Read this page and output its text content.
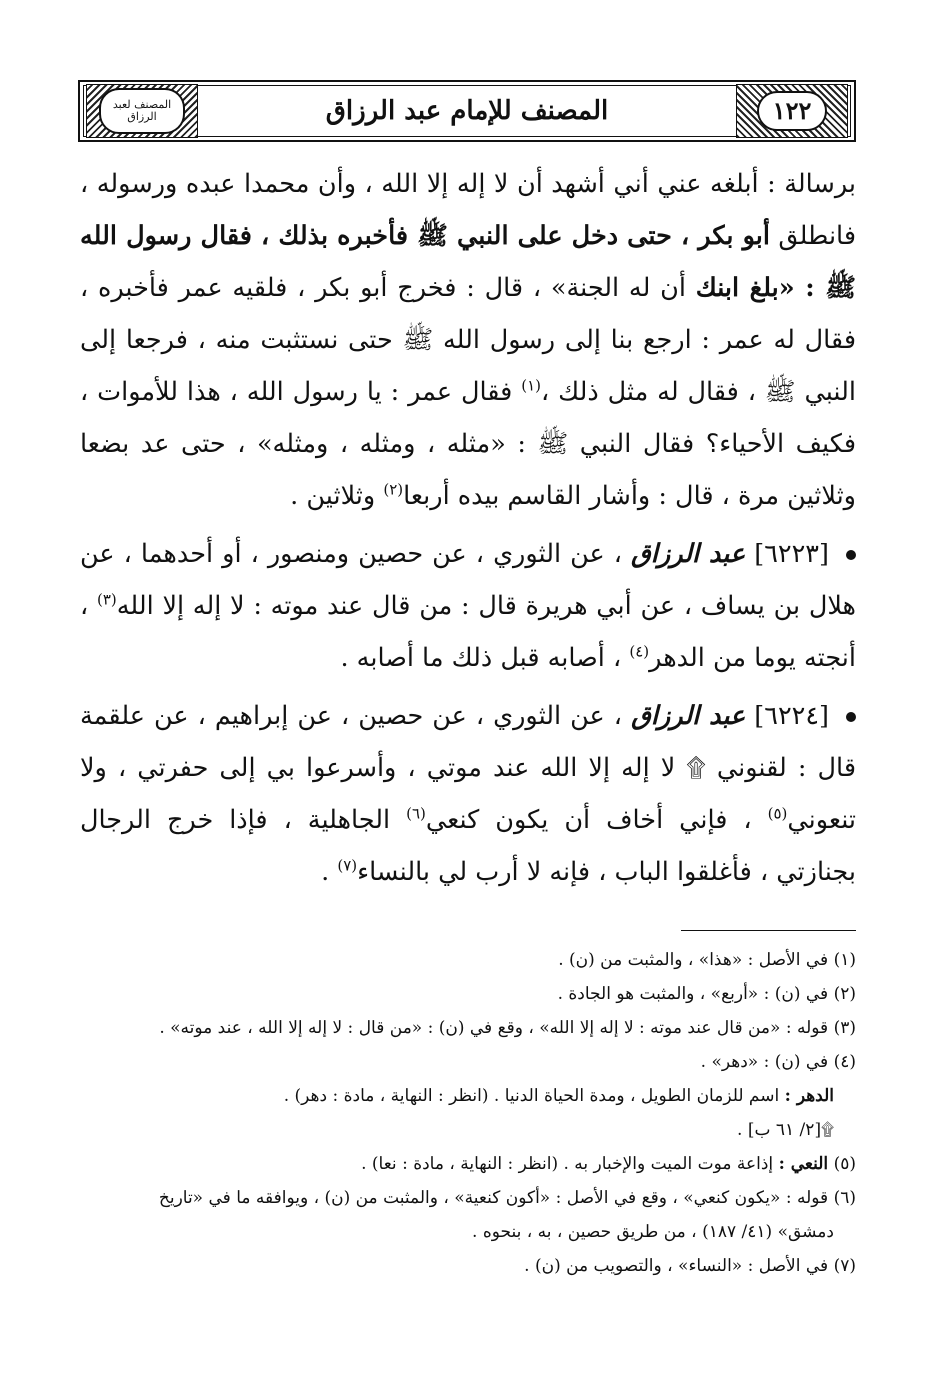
١٢٢
المصنف للإمام عبد الرزاق
المصنف لعبد الرزاق

برسالة : أبلغه عني أني أشهد أن لا إله إلا الله ، وأن محمدا عبده ورسوله ، فانطلق أبو بكر ، حتى دخل على النبي ﷺ فأخبره بذلك ، فقال رسول الله ﷺ : «بلغ ابنك أن له الجنة» ، قال : فخرج أبو بكر ، فلقيه عمر فأخبره ، فقال له عمر : ارجع بنا إلى رسول الله ﷺ حتى نستثبت منه ، فرجعا إلى النبي ﷺ ، فقال له مثل ذلك ،$^{(١)}$ فقال عمر : يا رسول الله ، هذا للأموات ، فكيف الأحياء؟ فقال النبي ﷺ : «مثله ، ومثله ، ومثله» ، حتى عد بضعا وثلاثين مرة ، قال : وأشار القاسم بيده أربعا$^{(٢)}$ وثلاثين .

[٦٢٢٣] عبد الرزاق ، عن الثوري ، عن حصين ومنصور ، أو أحدهما ، عن هلال بن يساف ، عن أبي هريرة قال : من قال عند موته : لا إله إلا الله$^{(٣)}$ ، أنجته يوما من الدهر$^{(٤)}$ ، أصابه قبل ذلك ما أصابه .

[٦٢٢٤] عبد الرزاق ، عن الثوري ، عن حصين ، عن إبراهيم ، عن علقمة قال : لقنوني ۩ لا إله إلا الله عند موتي ، وأسرعوا بي إلى حفرتي ، ولا تنعوني$^{(٥)}$ ، فإني أخاف أن يكون كنعي$^{(٦)}$ الجاهلية ، فإذا خرج الرجال بجنازتي ، فأغلقوا الباب ، فإنه لا أرب لي بالنساء$^{(٧)}$ .

(١) في الأصل : «هذا» ، والمثبت من (ن) .

(٢) في (ن) : «أربع» ، والمثبت هو الجادة .

(٣) قوله : «من قال عند موته : لا إله إلا الله» ، وقع في (ن) : «من قال : لا إله إلا الله ، عند موته» .

(٤) في (ن) : «دهر» .

الدهر : اسم للزمان الطويل ، ومدة الحياة الدنيا . (انظر : النهاية ، مادة : دهر) .

۩[٢/ ٦١ ب] .

(٥) النعي : إذاعة موت الميت والإخبار به . (انظر : النهاية ، مادة : نعا) .

(٦) قوله : «يكون كنعي» ، وقع في الأصل : «أكون كنعية» ، والمثبت من (ن) ، ويوافقه ما في «تاريخ

دمشق» (٤١/ ١٨٧) ، من طريق حصين ، به ، بنحوه .

(٧) في الأصل : «النساء» ، والتصويب من (ن) .
